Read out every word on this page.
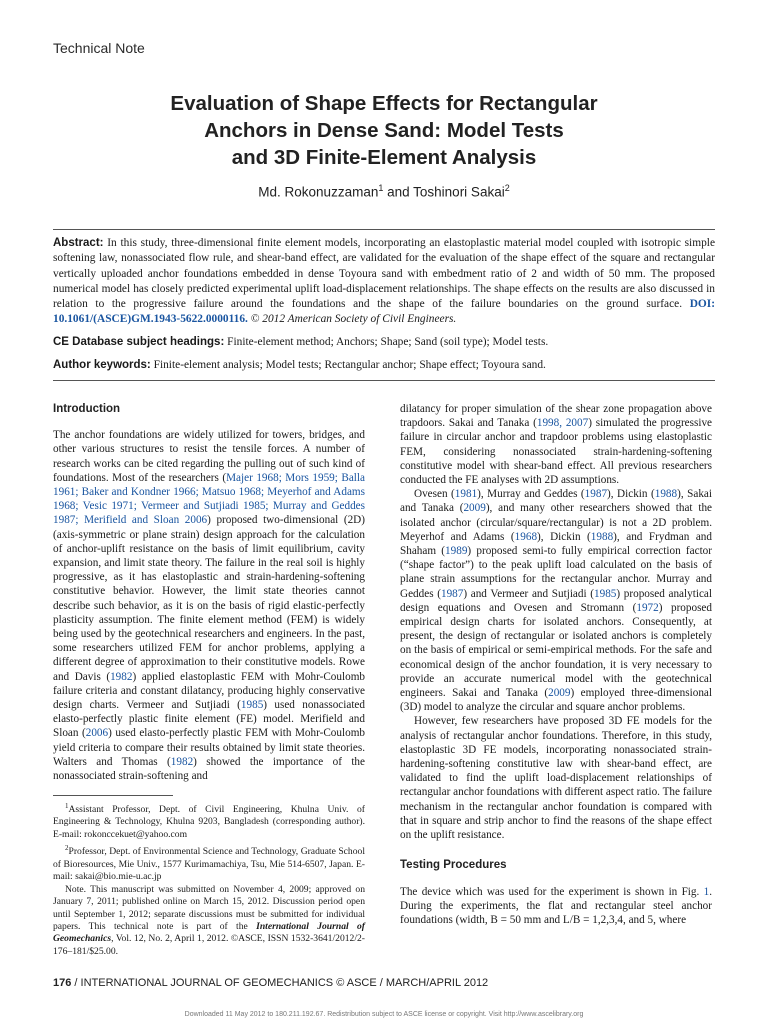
Technical Note
Evaluation of Shape Effects for Rectangular
Anchors in Dense Sand: Model Tests
and 3D Finite-Element Analysis
Md. Rokonuzzaman$^1$ and Toshinori Sakai$^2$
Abstract: In this study, three-dimensional finite element models, incorporating an elastoplastic material model coupled with isotropic simple softening law, nonassociated flow rule, and shear-band effect, are validated for the evaluation of the shape effect of the square and rectangular vertically uploaded anchor foundations embedded in dense Toyoura sand with embedment ratio of 2 and width of 50 mm. The proposed numerical model has closely predicted experimental uplift load-displacement relationships. The shape effects on the results are also discussed in relation to the progressive failure around the foundations and the shape of the failure boundaries on the ground surface. DOI: 10.1061/(ASCE)GM.1943-5622.0000116. © 2012 American Society of Civil Engineers.
CE Database subject headings: Finite-element method; Anchors; Shape; Sand (soil type); Model tests.
Author keywords: Finite-element analysis; Model tests; Rectangular anchor; Shape effect; Toyoura sand.
Introduction

The anchor foundations are widely utilized for towers, bridges, and other various structures to resist the tensile forces. A number of research works can be cited regarding the pulling out of such kind of foundations. Most of the researchers (Majer 1968; Mors 1959; Balla 1961; Baker and Kondner 1966; Matsuo 1968; Meyerhof and Adams 1968; Vesic 1971; Vermeer and Sutjiadi 1985; Murray and Geddes 1987; Merifield and Sloan 2006) proposed two-dimensional (2D) (axis-symmetric or plane strain) design approach for the calculation of anchor-uplift resistance on the basis of limit equilibrium, cavity expansion, and limit state theory. The failure in the real soil is highly progressive, as it has elastoplastic and strain-hardening-softening constitutive behavior. However, the limit state theories cannot describe such behavior, as it is on the basis of rigid elastic-perfectly plasticity assumption. The finite element method (FEM) is widely being used by the geotechnical researchers and engineers. In the past, some researchers utilized FEM for anchor problems, applying a different degree of approximation to their constitutive models. Rowe and Davis (1982) applied elastoplastic FEM with Mohr-Coulomb failure criteria and constant dilatancy, producing highly conservative design charts. Vermeer and Sutjiadi (1985) used nonassociated elasto-perfectly plastic finite element (FE) model. Merifield and Sloan (2006) used elasto-perfectly plastic FEM with Mohr-Coulomb yield criteria to compare their results obtained by limit state theories. Walters and Thomas (1982) showed the importance of the nonassociated strain-softening and

$^1$Assistant Professor, Dept. of Civil Engineering, Khulna Univ. of Engineering & Technology, Khulna 9203, Bangladesh (corresponding author). E-mail: rokonccekuet@yahoo.com

$^2$Professor, Dept. of Environmental Science and Technology, Graduate School of Bioresources, Mie Univ., 1577 Kurimamachiya, Tsu, Mie 514-6507, Japan. E-mail: sakai@bio.mie-u.ac.jp

Note. This manuscript was submitted on November 4, 2009; approved on January 7, 2011; published online on March 15, 2012. Discussion period open until September 1, 2012; separate discussions must be submitted for individual papers. This technical note is part of the International Journal of Geomechanics, Vol. 12, No. 2, April 1, 2012. ©ASCE, ISSN 1532-3641/2012/2-176–181/$25.00.

dilatancy for proper simulation of the shear zone propagation above trapdoors. Sakai and Tanaka (1998, 2007) simulated the progressive failure in circular anchor and trapdoor problems using elastoplastic FEM, considering nonassociated strain-hardening-softening constitutive model with shear-band effect. All previous researchers conducted the FE analyses with 2D assumptions.

Ovesen (1981), Murray and Geddes (1987), Dickin (1988), Sakai and Tanaka (2009), and many other researchers showed that the isolated anchor (circular/square/rectangular) is not a 2D problem. Meyerhof and Adams (1968), Dickin (1988), and Frydman and Shaham (1989) proposed semi-to fully empirical correction factor (“shape factor”) to the peak uplift load calculated on the basis of plane strain assumptions for the rectangular anchor. Murray and Geddes (1987) and Vermeer and Sutjiadi (1985) proposed analytical design equations and Ovesen and Stromann (1972) proposed empirical design charts for isolated anchors. Consequently, at present, the design of rectangular or isolated anchors is completely on the basis of empirical or semi-empirical methods. For the safe and economical design of the anchor foundation, it is very necessary to provide an accurate numerical model with the geotechnical engineers. Sakai and Tanaka (2009) employed three-dimensional (3D) model to analyze the circular and square anchor problems.

However, few researchers have proposed 3D FE models for the analysis of rectangular anchor foundations. Therefore, in this study, elastoplastic 3D FE models, incorporating nonassociated strain-hardening-softening constitutive law with shear-band effect, are validated to find the uplift load-displacement relationships of rectangular anchor foundations with different aspect ratio. The failure mechanism in the rectangular anchor foundation is compared with that in square and strip anchor to find the reasons of the shape effect on the uplift resistance.

Testing Procedures

The device which was used for the experiment is shown in Fig. 1. During the experiments, the flat and rectangular steel anchor foundations (width, B = 50 mm and L/B = 1,2,3,4, and 5, where

176 / INTERNATIONAL JOURNAL OF GEOMECHANICS © ASCE / MARCH/APRIL 2012
Downloaded 11 May 2012 to 180.211.192.67. Redistribution subject to ASCE license or copyright. Visit http://www.ascelibrary.org
